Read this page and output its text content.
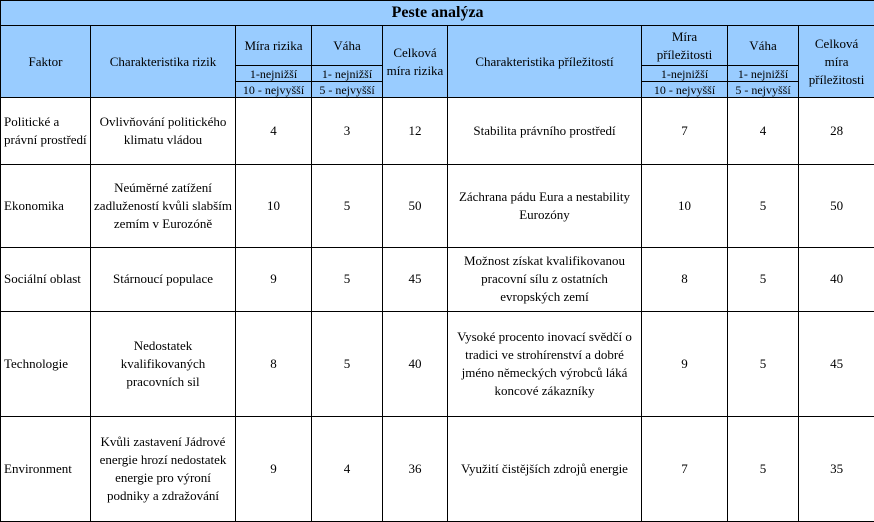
Peste analýza								
Faktor	Charakteristika rizik	Míra rizika	Váha	Celková míra rizika	Charakteristika příležitostí	Míra příležitosti	Váha	Celková míra příležitosti
		1-nejnižší	1- nejnižší			1-nejnižší	1- nejnižší	
		10 - nejvyšší	5 - nejvyšší			10 - nejvyšší	5 - nejvyšší	
Politické a právní prostředí	Ovlivňování politického klimatu vládou	4	3	12	Stabilita právního prostředí	7	4	28
Ekonomika	Neúměrné zatížení zadlužeností kvůli slabším zemím v Eurozóně	10	5	50	Záchrana pádu Eura a nestability Eurozóny	10	5	50
Sociální oblast	Stárnoucí populace	9	5	45	Možnost získat kvalifikovanou pracovní sílu z ostatních evropských zemí	8	5	40
Technologie	Nedostatek kvalifikovaných pracovních sil	8	5	40	Vysoké procento inovací svědčí o tradici ve strohírenství a dobré jméno německých výrobců láká koncové zákazníky	9	5	45
Environment	Kvůli zastavení Jádrové energie hrozí nedostatek energie pro výroní podniky a zdražování	9	4	36	Využití čistějších zdrojů energie	7	5	35
